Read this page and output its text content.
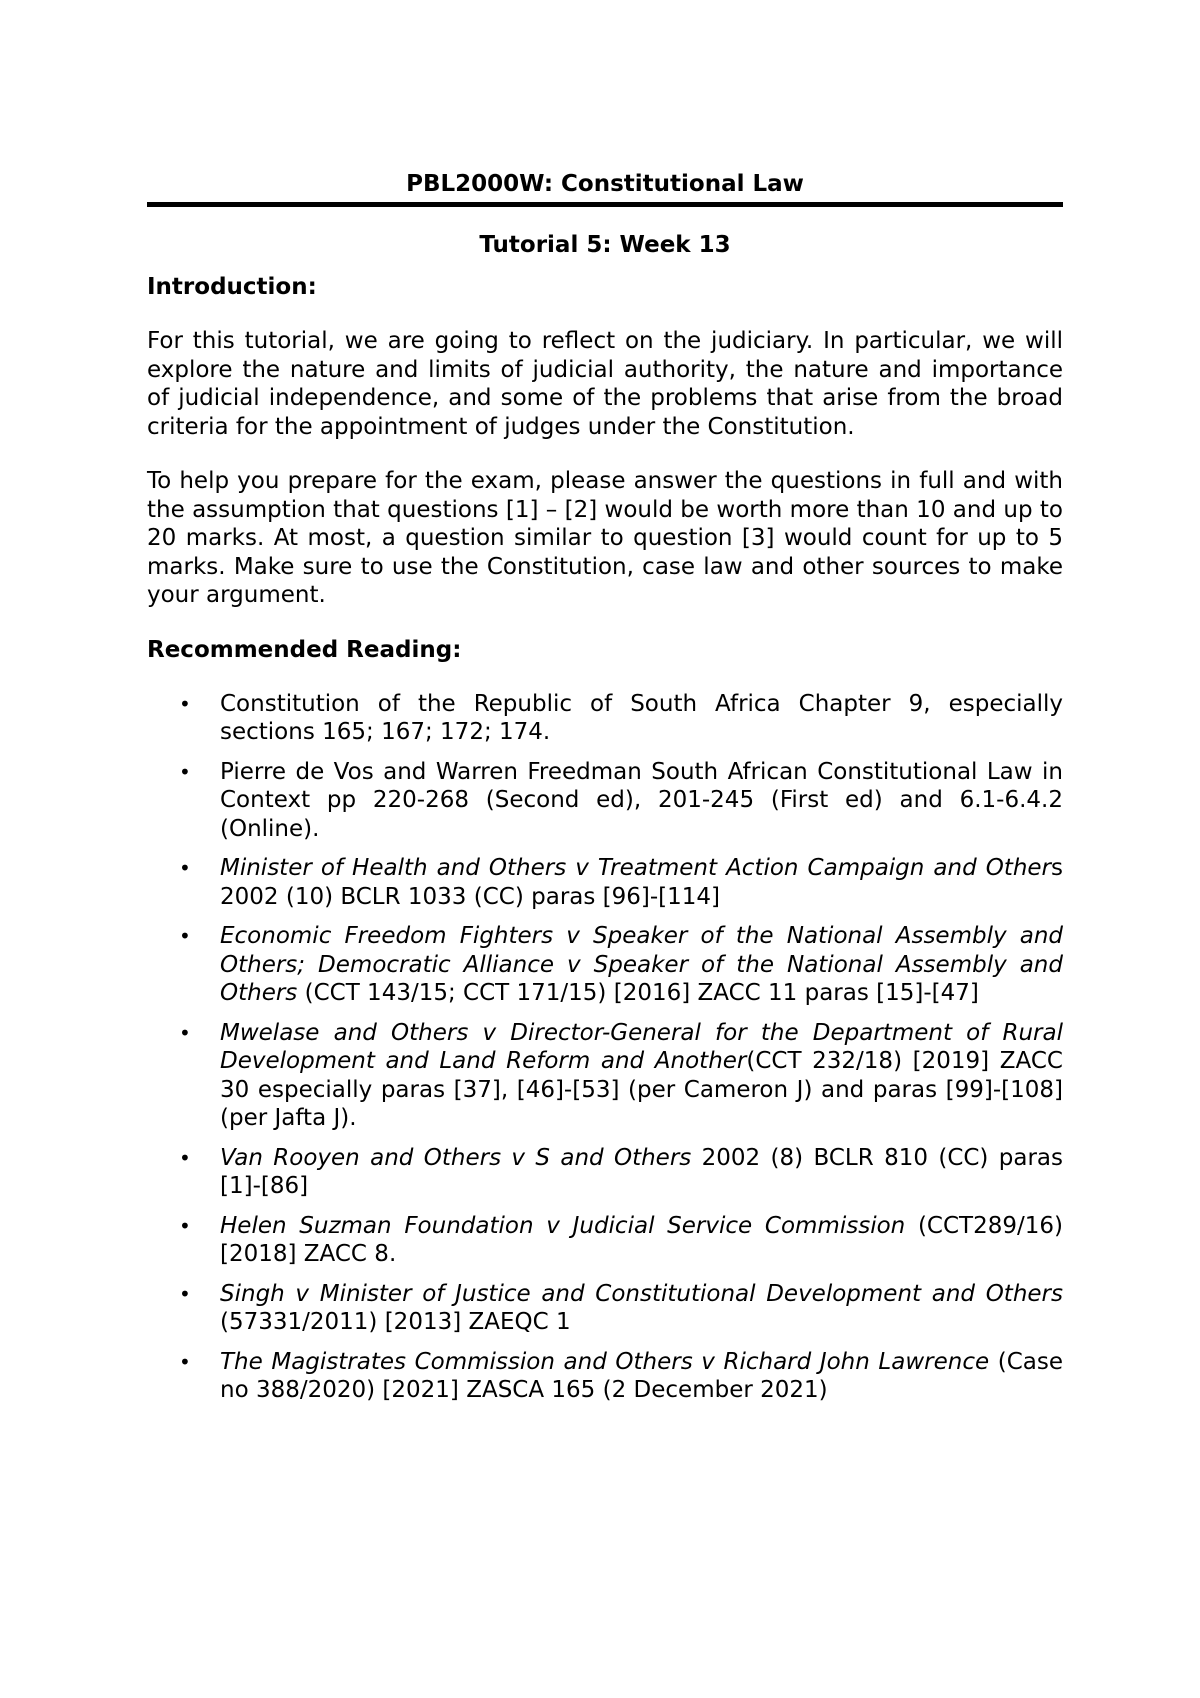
PBL2000W: Constitutional Law
Tutorial 5: Week 13
Introduction:

For this tutorial, we are going to reflect on the judiciary. In particular, we will explore the nature and limits of judicial authority, the nature and importance of judicial independence, and some of the problems that arise from the broad criteria for the appointment of judges under the Constitution.

To help you prepare for the exam, please answer the questions in full and with the assumption that questions [1] – [2] would be worth more than 10 and up to 20 marks. At most, a question similar to question [3] would count for up to 5 marks. Make sure to use the Constitution, case law and other sources to make your argument.

Recommended Reading:
• Constitution of the Republic of South Africa Chapter 9, especially sections 165; 167; 172; 174.
• Pierre de Vos and Warren Freedman South African Constitutional Law in Context pp 220-268 (Second ed), 201-245 (First ed) and 6.1-6.4.2 (Online).
• Minister of Health and Others v Treatment Action Campaign and Others 2002 (10) BCLR 1033 (CC) paras [96]-[114]
• Economic Freedom Fighters v Speaker of the National Assembly and Others; Democratic Alliance v Speaker of the National Assembly and Others (CCT 143/15; CCT 171/15) [2016] ZACC 11 paras [15]-[47]
• Mwelase and Others v Director-General for the Department of Rural Development and Land Reform and Another(CCT 232/18) [2019] ZACC 30 especially paras [37], [46]-[53] (per Cameron J) and paras [99]-[108] (per Jafta J).
• Van Rooyen and Others v S and Others 2002 (8) BCLR 810 (CC) paras [1]-[86]
• Helen Suzman Foundation v Judicial Service Commission (CCT289/16) [2018] ZACC 8.
• Singh v Minister of Justice and Constitutional Development and Others (57331/2011) [2013] ZAEQC 1
• The Magistrates Commission and Others v Richard John Lawrence (Case no 388/2020) [2021] ZASCA 165 (2 December 2021)
